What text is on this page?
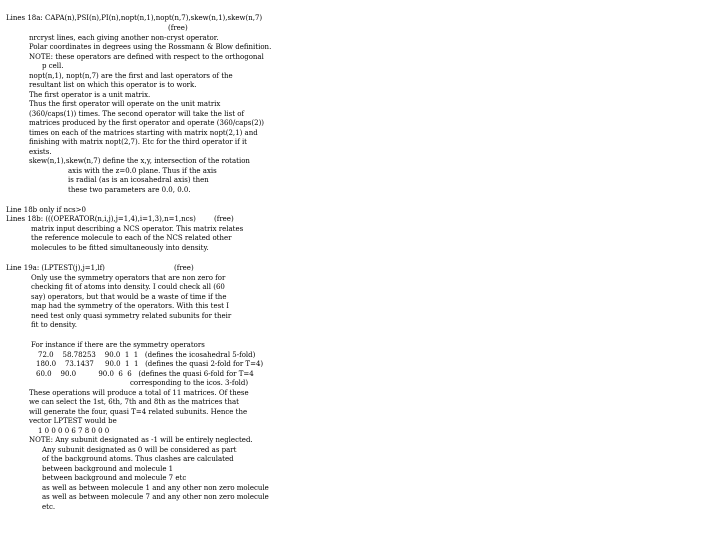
Lines 18a: CAPA(n),PSI(n),PI(n),nopt(n,1),nopt(n,7),skew(n,1),skew(n,7)
(free)
nrcryst lines, each giving another non-cryst operator.
Polar coordinates in degrees using the Rossmann & Blow definition.
NOTE: these operators are defined with respect to the orthogonal
p cell.
nopt(n,1), nopt(n,7) are the first and last operators of the
resultant list on which this operator is to work.
The first operator is a unit matrix.
Thus the first operator will operate on the unit matrix
(360/caps(1)) times. The second operator will take the list of
matrices produced by the first operator and operate (360/caps(2))
times on each of the matrices starting with matrix nopt(2,1) and
finishing with matrix nopt(2,7). Etc for the third operator if it
exists.
skew(n,1),skew(n,7) define the x,y, intersection of the rotation
axis with the z=0.0 plane. Thus if the axis
is radial (as is an icosahedral axis) then
these two parameters are 0.0, 0.0.
Line 18b only if ncs>0
Lines 18b: (((OPERATOR(n,i,j),j=1,4),i=1,3),n=1,ncs)	(free)
matrix input describing a NCS operator. This matrix relates
the reference molecule to each of the NCS related other
molecules to be fitted simultaneously into density.
Line 19a: (LPTEST(j),j=1,lf)	(free)
Only use the symmetry operators that are non zero for
checking fit of atoms into density. I could check all (60
say) operators, but that would be a waste of time if the
map had the symmetry of the operators. With this test I
need test only quasi symmetry related subunits for their
fit to density.
For instance if there are the symmetry operators
72.0    58.78253    90.0  1  1   (defines the icosahedral 5-fold)
180.0    73.1437     90.0  1  1   (defines the quasi 2-fold for T=4)
60.0    90.0          90.0  6  6   (defines the quasi 6-fold for T=4
corresponding to the icos. 3-fold)
These operations will produce a total of 11 matrices. Of these
we can select the 1st, 6th, 7th and 8th as the matrices that
will generate the four, quasi T=4 related subunits. Hence the
vector LPTEST would be
1 0 0 0 0 6 7 8 0 0 0
NOTE: Any subunit designated as -1 will be entirely neglected.
Any subunit designated as 0 will be considered as part
of the background atoms. Thus clashes are calculated
between background and molecule 1
between background and molecule 7 etc
as well as between molecule 1 and any other non zero molecule
as well as between molecule 7 and any other non zero molecule
etc.
